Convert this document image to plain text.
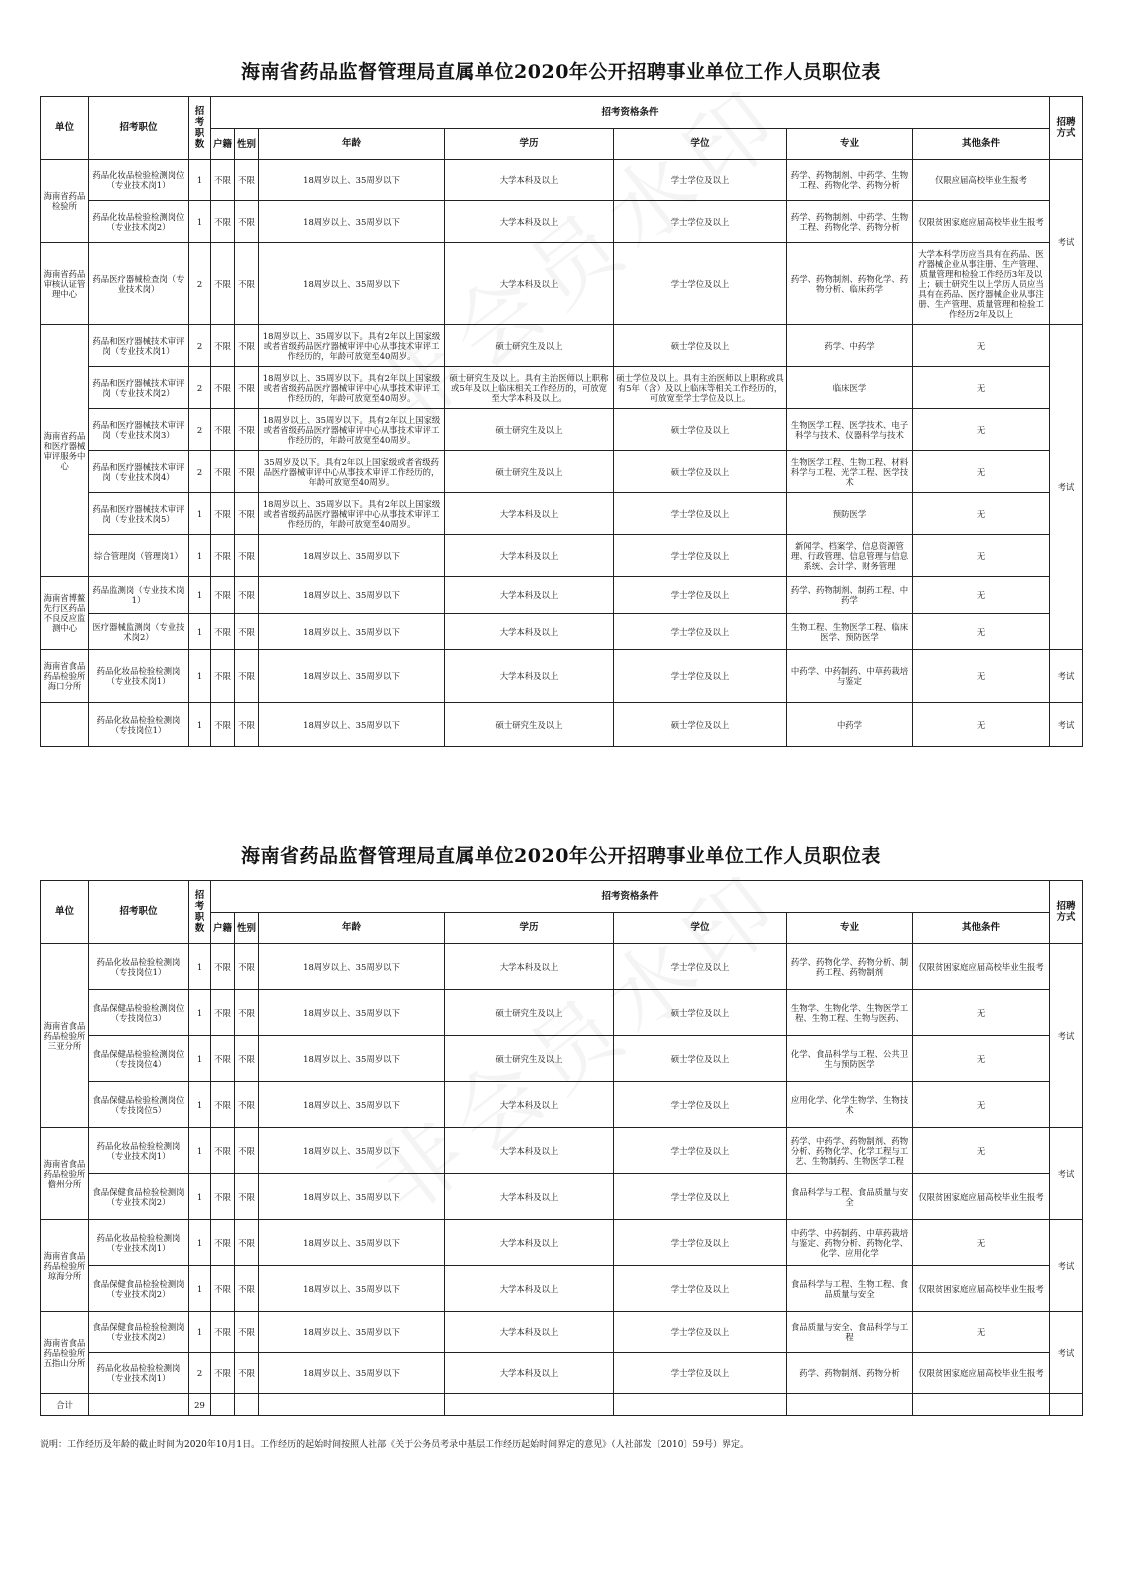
海南省药品监督管理局直属单位2020年公开招聘事业单位工作人员职位表
单位	招考职位	招考职数	招考资格条件							招聘方式

			户籍	性别	年龄	学历	学位	专业	其他条件	
海南省药品检验所	药品化妆品检验检测岗位（专业技术岗1）	1	不限	不限	18周岁以上、35周岁以下	大学本科及以上	学士学位及以上	药学、药物制剂、中药学、生物工程、药物化学、药物分析	仅限应届高校毕业生报考	考试
	药品化妆品检验检测岗位（专业技术岗2）	1	不限	不限	18周岁以上、35周岁以下	大学本科及以上	学士学位及以上	药学、药物制剂、中药学、生物工程、药物化学、药物分析	仅限贫困家庭应届高校毕业生报考	
海南省药品审核认证管理中心	药品医疗器械检查岗（专业技术岗）	2	不限	不限	18周岁以上、35周岁以下	大学本科及以上	学士学位及以上	药学、药物制剂、药物化学、药物分析、临床药学	大学本科学历应当具有在药品、医疗器械企业从事注册、生产管理、质量管理和检验工作经历3年及以上；硕士研究生以上学历人员应当具有在药品、医疗器械企业从事注册、生产管理、质量管理和检验工作经历2年及以上	
海南省药品和医疗器械审评服务中心	药品和医疗器械技术审评岗（专业技术岗1）	2	不限	不限	18周岁以上、35周岁以下。具有2年以上国家级或者省级药品医疗器械审评中心从事技术审评工作经历的，年龄可放宽至40周岁。	硕士研究生及以上	硕士学位及以上	药学、中药学	无	考试
	药品和医疗器械技术审评岗（专业技术岗2）	2	不限	不限	18周岁以上、35周岁以下。具有2年以上国家级或者省级药品医疗器械审评中心从事技术审评工作经历的，年龄可放宽至40周岁。	硕士研究生及以上。具有主治医师以上职称或5年及以上临床相关工作经历的，可放宽至大学本科及以上。	硕士学位及以上。具有主治医师以上职称或具有5年（含）及以上临床等相关工作经历的，可放宽至学士学位及以上。	临床医学	无	
	药品和医疗器械技术审评岗（专业技术岗3）	2	不限	不限	18周岁以上、35周岁以下。具有2年以上国家级或者省级药品医疗器械审评中心从事技术审评工作经历的，年龄可放宽至40周岁。	硕士研究生及以上	硕士学位及以上	生物医学工程、医学技术、电子科学与技术、仪器科学与技术	无	
	药品和医疗器械技术审评岗（专业技术岗4）	2	不限	不限	35周岁及以下。具有2年以上国家级或者省级药品医疗器械审评中心从事技术审评工作经历的，年龄可放宽至40周岁。	硕士研究生及以上	硕士学位及以上	生物医学工程、生物工程、材料科学与工程、光学工程、医学技术	无	
	药品和医疗器械技术审评岗（专业技术岗5）	1	不限	不限	18周岁以上、35周岁以下。具有2年以上国家级或者省级药品医疗器械审评中心从事技术审评工作经历的，年龄可放宽至40周岁。	大学本科及以上	学士学位及以上	预防医学	无	
	综合管理岗（管理岗1）	1	不限	不限	18周岁以上、35周岁以下	大学本科及以上	学士学位及以上	新闻学、档案学、信息资源管理、行政管理、信息管理与信息系统、会计学、财务管理	无	
海南省博鳌先行区药品不良反应监测中心	药品监测岗（专业技术岗1）	1	不限	不限	18周岁以上、35周岁以下	大学本科及以上	学士学位及以上	药学、药物制剂、制药工程、中药学	无	
	医疗器械监测岗（专业技术岗2）	1	不限	不限	18周岁以上、35周岁以下	大学本科及以上	学士学位及以上	生物工程、生物医学工程、临床医学、预防医学	无	
海南省食品药品检验所海口分所	药品化妆品检验检测岗（专业技术岗1）	1	不限	不限	18周岁以上、35周岁以下	大学本科及以上	学士学位及以上	中药学、中药制药、中草药栽培与鉴定	无	考试
	药品化妆品检验检测岗（专技岗位1）	1	不限	不限	18周岁以上、35周岁以下	硕士研究生及以上	硕士学位及以上	中药学	无	考试
海南省药品监督管理局直属单位2020年公开招聘事业单位工作人员职位表
单位	招考职位	招考职数	招考资格条件							招聘方式

			户籍	性别	年龄	学历	学位	专业	其他条件	
海南省食品药品检验所三亚分所	药品化妆品检验检测岗（专技岗位1）	1	不限	不限	18周岁以上、35周岁以下	大学本科及以上	学士学位及以上	药学、药物化学、药物分析、制药工程、药物制剂	仅限贫困家庭应届高校毕业生报考	考试
	食品保健品检验检测岗位（专技岗位3）	1	不限	不限	18周岁以上、35周岁以下	硕士研究生及以上	硕士学位及以上	生物学、生物化学、生物医学工程、生物工程、生物与医药、	无	
	食品保健品检验检测岗位（专技岗位4）	1	不限	不限	18周岁以上、35周岁以下	硕士研究生及以上	硕士学位及以上	化学、食品科学与工程、公共卫生与预防医学	无	
	食品保健品检验检测岗位（专技岗位5）	1	不限	不限	18周岁以上、35周岁以下	大学本科及以上	学士学位及以上	应用化学、化学生物学、生物技术	无	
海南省食品药品检验所儋州分所	药品化妆品检验检测岗（专业技术岗1）	1	不限	不限	18周岁以上、35周岁以下	大学本科及以上	学士学位及以上	药学、中药学、药物制剂、药物分析、药物化学、化学工程与工艺、生物制药、生物医学工程	无	考试
	食品保健食品检验检测岗（专业技术岗2）	1	不限	不限	18周岁以上、35周岁以下	大学本科及以上	学士学位及以上	食品科学与工程、食品质量与安全	仅限贫困家庭应届高校毕业生报考	
海南省食品药品检验所琼海分所	药品化妆品检验检测岗（专业技术岗1）	1	不限	不限	18周岁以上、35周岁以下	大学本科及以上	学士学位及以上	中药学、中药制药、中草药栽培与鉴定、药物分析、药物化学、化学、应用化学	无	考试
	食品保健食品检验检测岗（专业技术岗2）	1	不限	不限	18周岁以上、35周岁以下	大学本科及以上	学士学位及以上	食品科学与工程、生物工程、食品质量与安全	仅限贫困家庭应届高校毕业生报考	
海南省食品药品检验所五指山分所	食品保健食品检验检测岗（专业技术岗2）	1	不限	不限	18周岁以上、35周岁以下	大学本科及以上	学士学位及以上	食品质量与安全、食品科学与工程	无	考试
	药品化妆品检验检测岗（专业技术岗1）	2	不限	不限	18周岁以上、35周岁以下	大学本科及以上	学士学位及以上	药学、药物制剂、药物分析	仅限贫困家庭应届高校毕业生报考	
合计		29								
说明：工作经历及年龄的截止时间为2020年10月1日。工作经历的起始时间按照人社部《关于公务员考录中基层工作经历起始时间界定的意见》（人社部发〔2010〕59号）界定。
